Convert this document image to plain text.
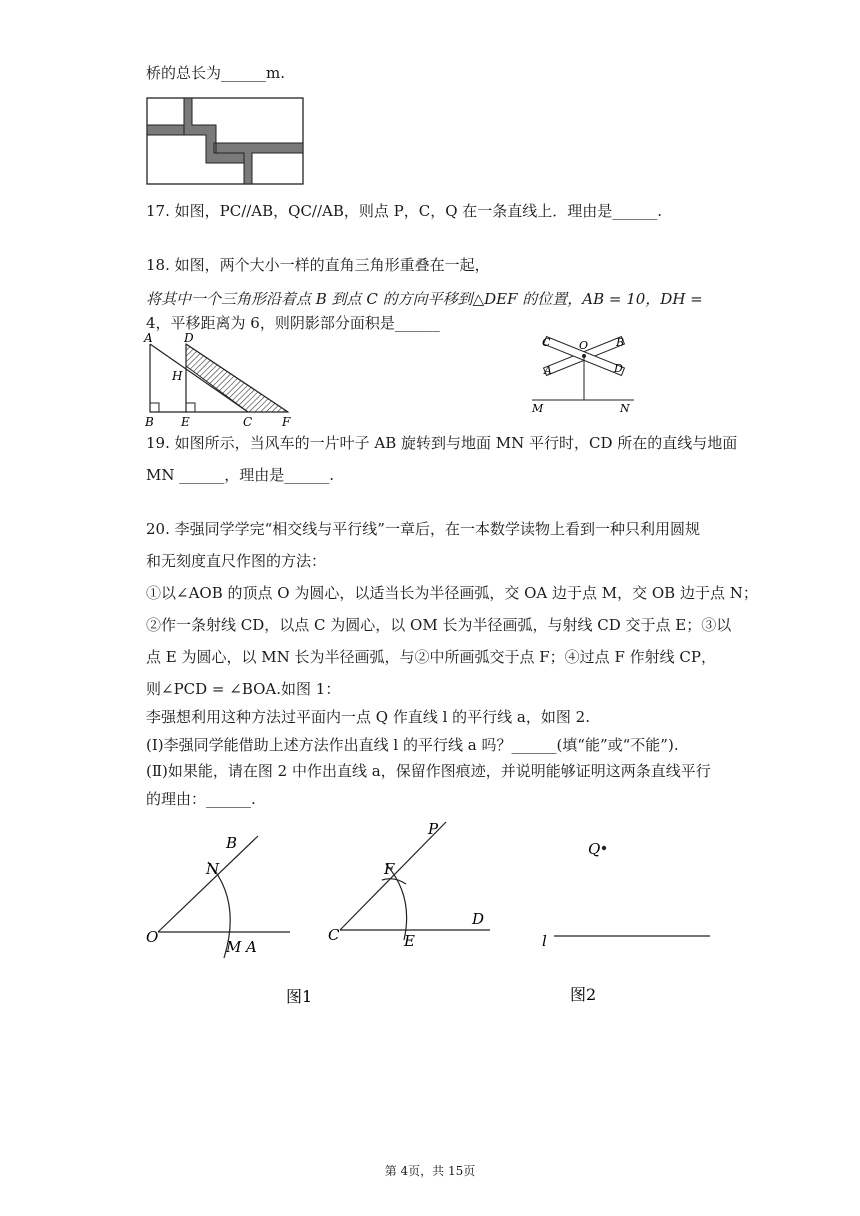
桥的总长为______m.
17. 如图，PC//AB，QC//AB，则点 P，C，Q 在一条直线上．理由是______.
18. 如图，两个大小一样的直角三角形重叠在一起，
将其中一个三角形沿着点 B 到点 C 的方向平移到△DEF 的位置，AB = 10，DH =
4，平移距离为 6，则阴影部分面积是______
A	D
H
B E	C F
C	O	B
A	D
M	N
19. 如图所示，当风车的一片叶子 AB 旋转到与地面 MN 平行时，CD 所在的直线与地面
MN ______，理由是______.
20. 李强同学学完“相交线与平行线”一章后，在一本数学读物上看到一种只利用圆规
和无刻度直尺作图的方法：
①以∠AOB 的顶点 O 为圆心，以适当长为半径画弧，交 OA 边于点 M，交 OB 边于点 N；
②作一条射线 CD，以点 C 为圆心，以 OM 长为半径画弧，与射线 CD 交于点 E；③以
点 E 为圆心，以 MN 长为半径画弧，与②中所画弧交于点 F；④过点 F 作射线 CP，
则∠PCD = ∠BOA.如图 1：
李强想利用这种方法过平面内一点 Q 作直线 l 的平行线 a，如图 2.
(Ⅰ)李强同学能借助上述方法作出直线 l 的平行线 a 吗？______(填“能”或“不能”).
(Ⅱ)如果能，请在图 2 中作出直线 a，保留作图痕迹，并说明能够证明这两条直线平行
的理由：______.
B
N
O
M A
图1
P
F
C	E
D
Q
l
图2
第 4页，共 15页
